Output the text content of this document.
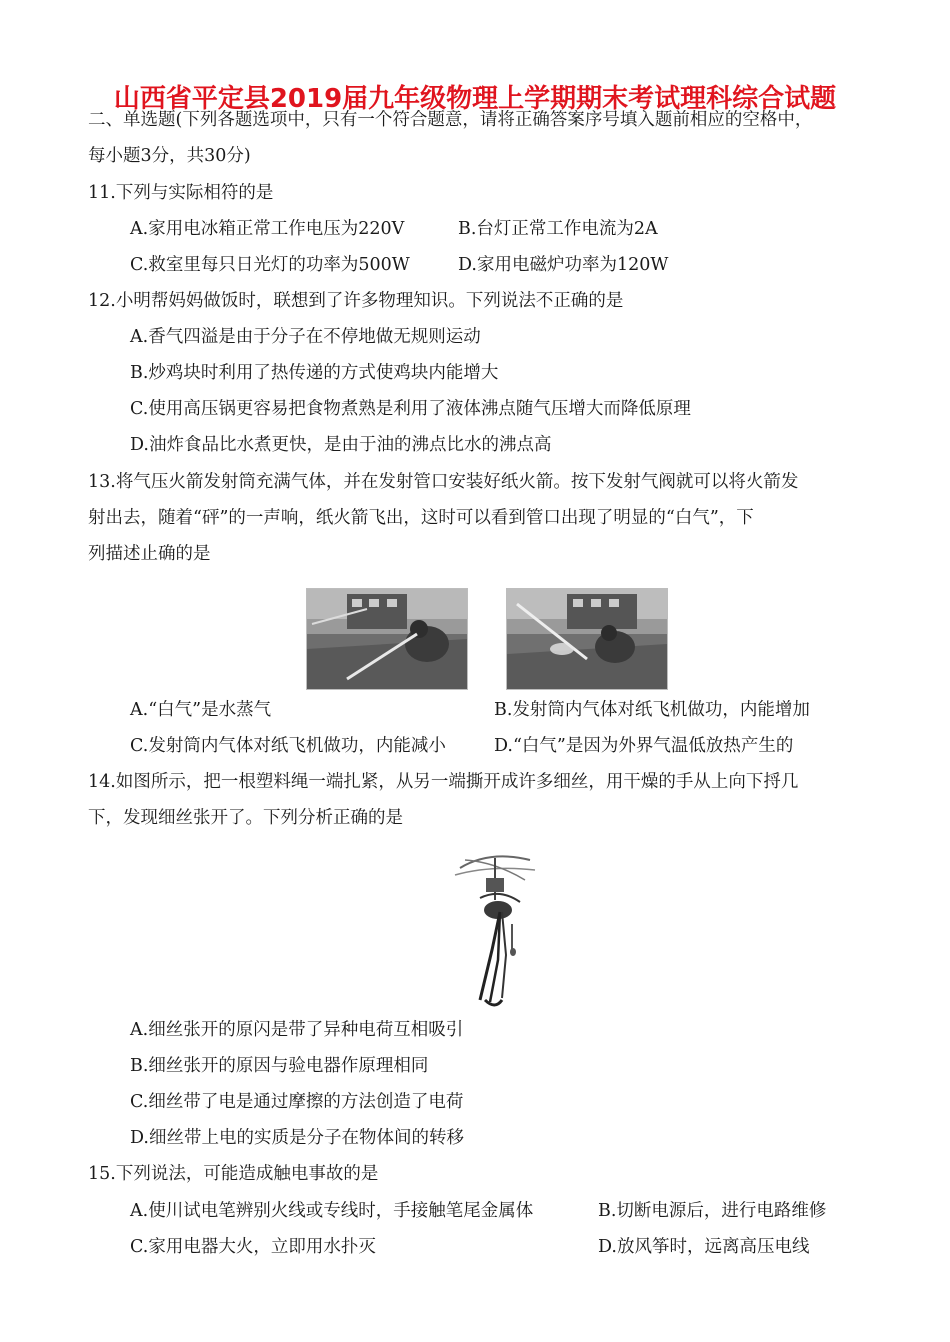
山西省平定县2019届九年级物理上学期期末考试理科综合试题
二、单选题(下列各题选项中，只有一个符合题意，请将正确答案序号填入题前相应的空格中，
每小题3分，共30分)
11.下列与实际相符的是
A.家用电冰箱正常工作电压为220V	B.台灯正常工作电流为2A
C.救室里每只日光灯的功率为500W	D.家用电磁炉功率为120W
12.小明帮妈妈做饭时，联想到了许多物理知识。下列说法不正确的是
A.香气四溢是由于分子在不停地做无规则运动
B.炒鸡块时利用了热传递的方式使鸡块内能增大
C.使用高压锅更容易把食物煮熟是利用了液体沸点随气压增大而降低原理
D.油炸食品比水煮更快，是由于油的沸点比水的沸点高
13.将气压火箭发射筒充满气体，并在发射管口安装好纸火箭。按下发射气阀就可以将火箭发
射出去，随着“砰”的一声响，纸火箭飞出，这时可以看到管口出现了明显的“白气”，下
列描述止确的是
A.“白气”是水蒸气	B.发射筒内气体对纸飞机做功，内能增加
C.发射筒内气体对纸飞机做功，内能减小	D.“白气”是因为外界气温低放热产生的
14.如图所示，把一根塑料绳一端扎紧，从另一端撕开成许多细丝，用干燥的手从上向下捋几
下，发现细丝张开了。下列分析正确的是
A.细丝张开的原闪是带了异种电荷互相吸引
B.细丝张开的原因与验电器作原理相同
C.细丝带了电是通过摩擦的方法创造了电荷
D.细丝带上电的实质是分子在物体间的转移
15.下列说法，可能造成触电事故的是
A.使川试电笔辨别火线或专线时，手接触笔尾金属体	B.切断电源后，进行电路维修
C.家用电器大火，立即用水扑灭	D.放风筝时，远离高压电线
